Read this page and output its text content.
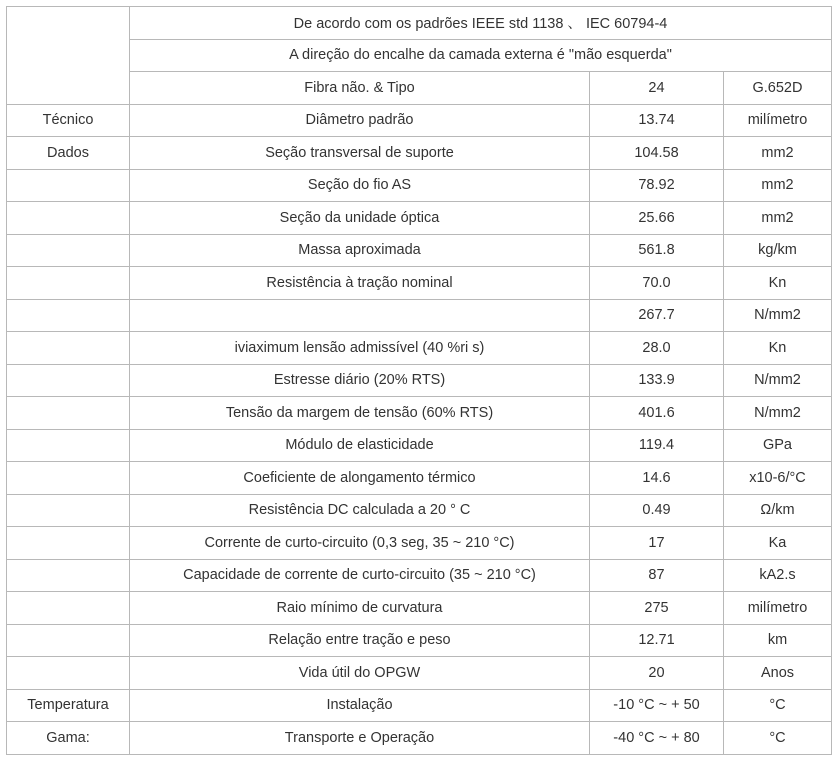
	De acordo com os padrões IEEE std 1138 、 IEC 60794-4		
	A direção do encalhe da camada externa é "mão esquerda"		
	Fibra não. & Tipo	24	G.652D
Técnico	Diâmetro padrão	13.74	milímetro
Dados	Seção transversal de suporte	104.58	mm2
	Seção do fio AS	78.92	mm2
	Seção da unidade óptica	25.66	mm2
	Massa aproximada	561.8	kg/km
	Resistência à tração nominal	70.0	Kn
		267.7	N/mm2
	iviaximum lensão admissível (40 %ri s)	28.0	Kn
	Estresse diário (20% RTS)	133.9	N/mm2
	Tensão da margem de tensão (60% RTS)	401.6	N/mm2
	Módulo de elasticidade	119.4	GPa
	Coeficiente de alongamento térmico	14.6	x10-6/°C
	Resistência DC calculada a 20 ° C	0.49	Ω/km
	Corrente de curto-circuito (0,3 seg, 35 ~ 210 °C)	17	Ka
	Capacidade de corrente de curto-circuito (35 ~ 210 °C)	87	kA2.s
	Raio mínimo de curvatura	275	milímetro
	Relação entre tração e peso	12.71	km
	Vida útil do OPGW	20	Anos
Temperatura	Instalação	-10 °C ~ + 50	°C
Gama:	Transporte e Operação	-40 °C ~ + 80	°C
